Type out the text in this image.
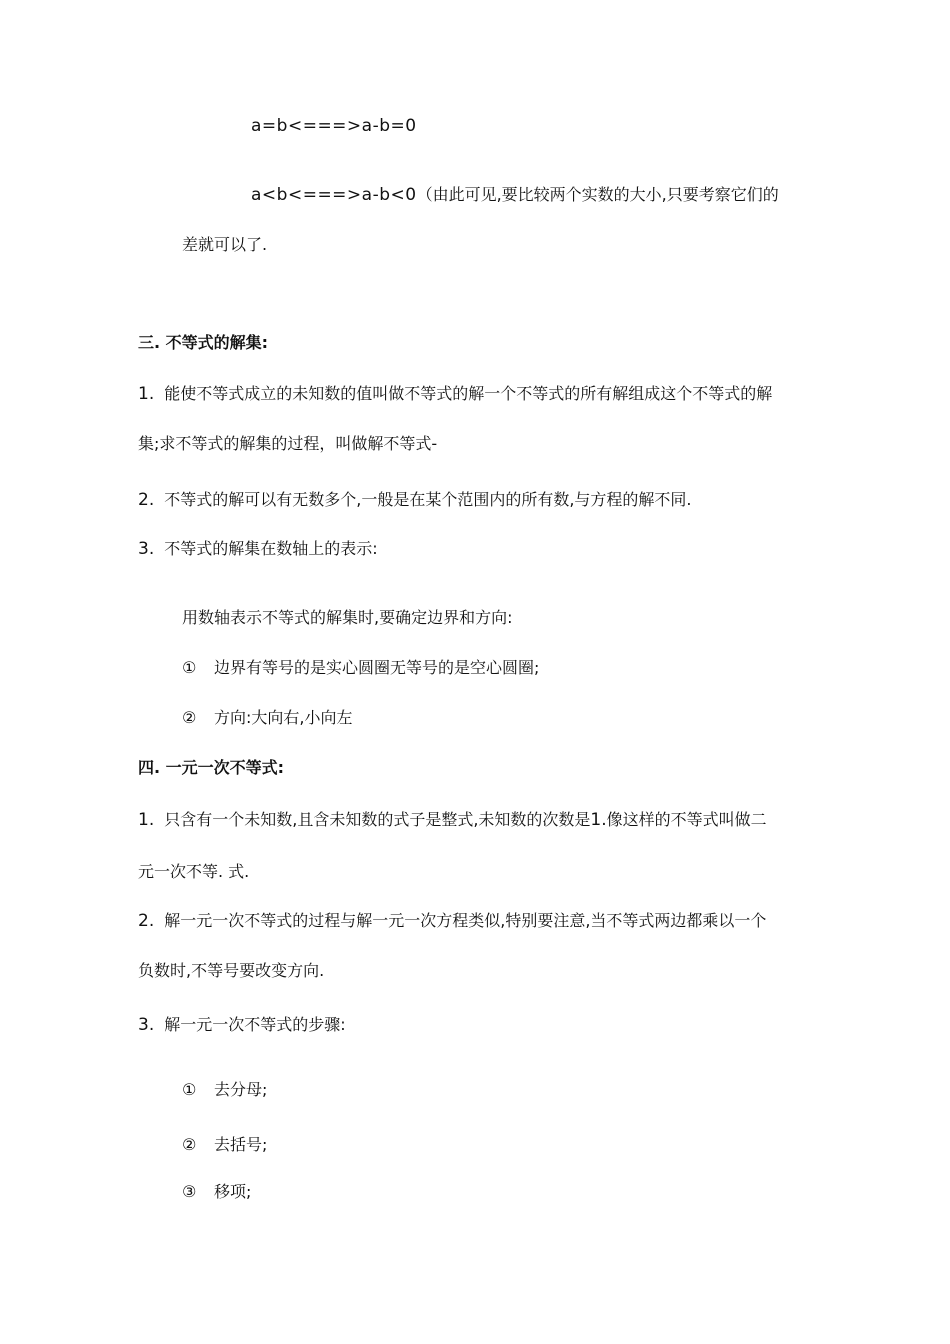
a=b<===>a-b=0
a<b<===>a-b<0（由此可见,要比较两个实数的大小,只要考察它们的
差就可以了.
三. 不等式的解集:
1. 能使不等式成立的未知数的值叫做不等式的解一个不等式的所有解组成这个不等式的解
集;求不等式的解集的过程，叫做解不等式-
2. 不等式的解可以有无数多个,一般是在某个范围内的所有数,与方程的解不同.
3. 不等式的解集在数轴上的表示:
用数轴表示不等式的解集时,要确定边界和方向:
① 边界有等号的是实心圆圈无等号的是空心圆圈;
② 方向:大向右,小向左
四. 一元一次不等式:
1. 只含有一个未知数,且含未知数的式子是整式,未知数的次数是1.像这样的不等式叫做二
元一次不等. 式.
2. 解一元一次不等式的过程与解一元一次方程类似,特别要注意,当不等式两边都乘以一个
负数时,不等号要改变方向.
3. 解一元一次不等式的步骤:
① 去分母;
② 去括号;
③ 移项;
